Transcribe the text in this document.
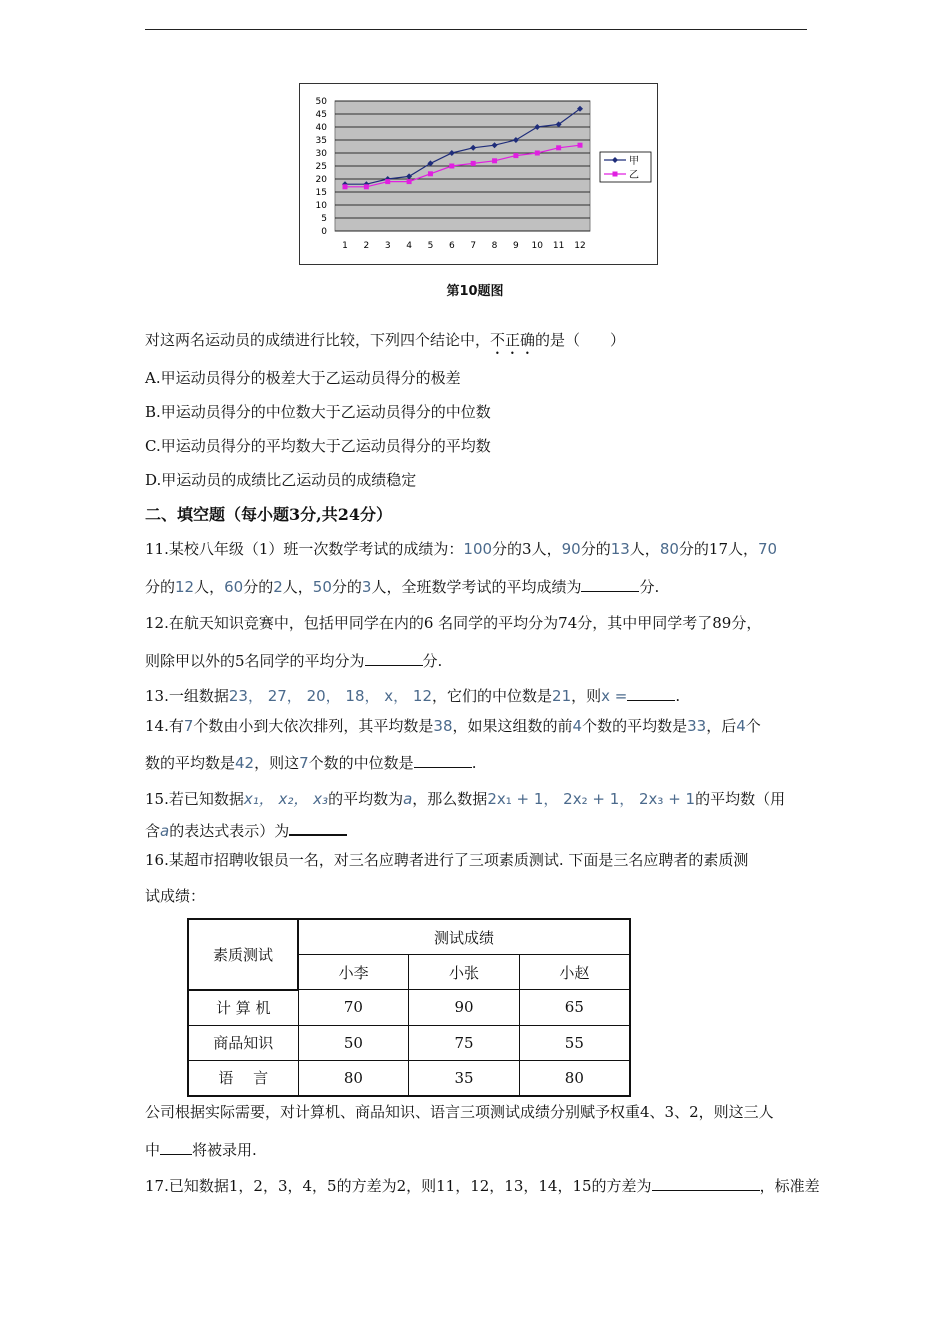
0
5
10
15
20
25
30
35
40
45
50
1 2 3 4 5 6 7 8 9 10 11 12
甲
乙
第10题图
对这两名运动员的成绩进行比较，下列四个结论中，不正确的是（　　）
A.甲运动员得分的极差大于乙运动员得分的极差
B.甲运动员得分的中位数大于乙运动员得分的中位数
C.甲运动员得分的平均数大于乙运动员得分的平均数
D.甲运动员的成绩比乙运动员的成绩稳定
二、填空题（每小题3分,共24分）
11.某校八年级（1）班一次数学考试的成绩为：100分的3人，90分的13人，80分的17人，70
分的12人，60分的2人，50分的3人，全班数学考试的平均成绩为	分.
12.在航天知识竞赛中，包括甲同学在内的6 名同学的平均分为74分，其中甲同学考了89分，
则除甲以外的5名同学的平均分为	分.
13.一组数据23， 27， 20， 18， x， 12，它们的中位数是21，则x =	.
14.有7个数由小到大依次排列，其平均数是38，如果这组数的前4个数的平均数是33，后4个
数的平均数是42，则这7个数的中位数是	.
15.若已知数据x₁， x₂， x₃的平均数为a，那么数据2x₁ + 1， 2x₂ + 1， 2x₃ + 1的平均数（用
含a的表达式表示）为
16.某超市招聘收银员一名，对三名应聘者进行了三项素质测试. 下面是三名应聘者的素质测
试成绩：
素质测试	测试成绩		
	小李	小张	小赵
计 算 机	70	90	65
商品知识	50	75	55
语　 言	80	35	80
公司根据实际需要，对计算机、商品知识、语言三项测试成绩分别赋予权重4、3、2，则这三人
中 将被录用.
17.已知数据1，2，3，4，5的方差为2，则11，12，13，14，15的方差为	，标准差
